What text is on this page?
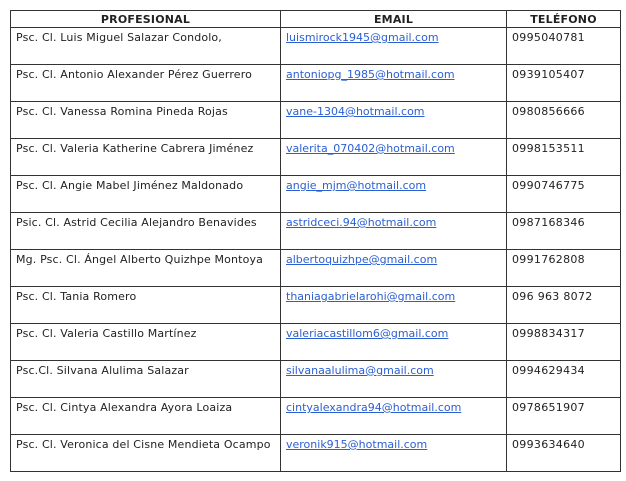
PROFESIONAL	EMAIL	TELÉFONO
Psc. Cl. Luis Miguel Salazar Condolo,	luismirock1945@gmail.com	0995040781
Psc. Cl. Antonio Alexander Pérez Guerrero	antoniopg_1985@hotmail.com	0939105407
Psc. Cl. Vanessa Romina Pineda Rojas	vane-1304@hotmail.com	0980856666
Psc. Cl. Valeria Katherine Cabrera Jiménez	valerita_070402@hotmail.com	0998153511
Psc. Cl. Angie Mabel Jiménez Maldonado	angie_mjm@hotmail.com	0990746775
Psic. Cl. Astrid Cecilia Alejandro Benavides	astridceci.94@hotmail.com	0987168346
Mg. Psc. Cl. Ángel Alberto Quizhpe Montoya	albertoquizhpe@gmail.com	0991762808
Psc. Cl. Tania Romero	thaniagabrielarohi@gmail.com	096 963 8072
Psc. Cl. Valeria Castillo Martínez	valeriacastillom6@gmail.com	0998834317
Psc.Cl. Silvana Alulima Salazar	silvanaalulima@gmail.com	0994629434
Psc. Cl. Cintya Alexandra Ayora Loaiza	cintyalexandra94@hotmail.com	0978651907
Psc. Cl. Veronica del Cisne Mendieta Ocampo	veronik915@hotmail.com	0993634640
